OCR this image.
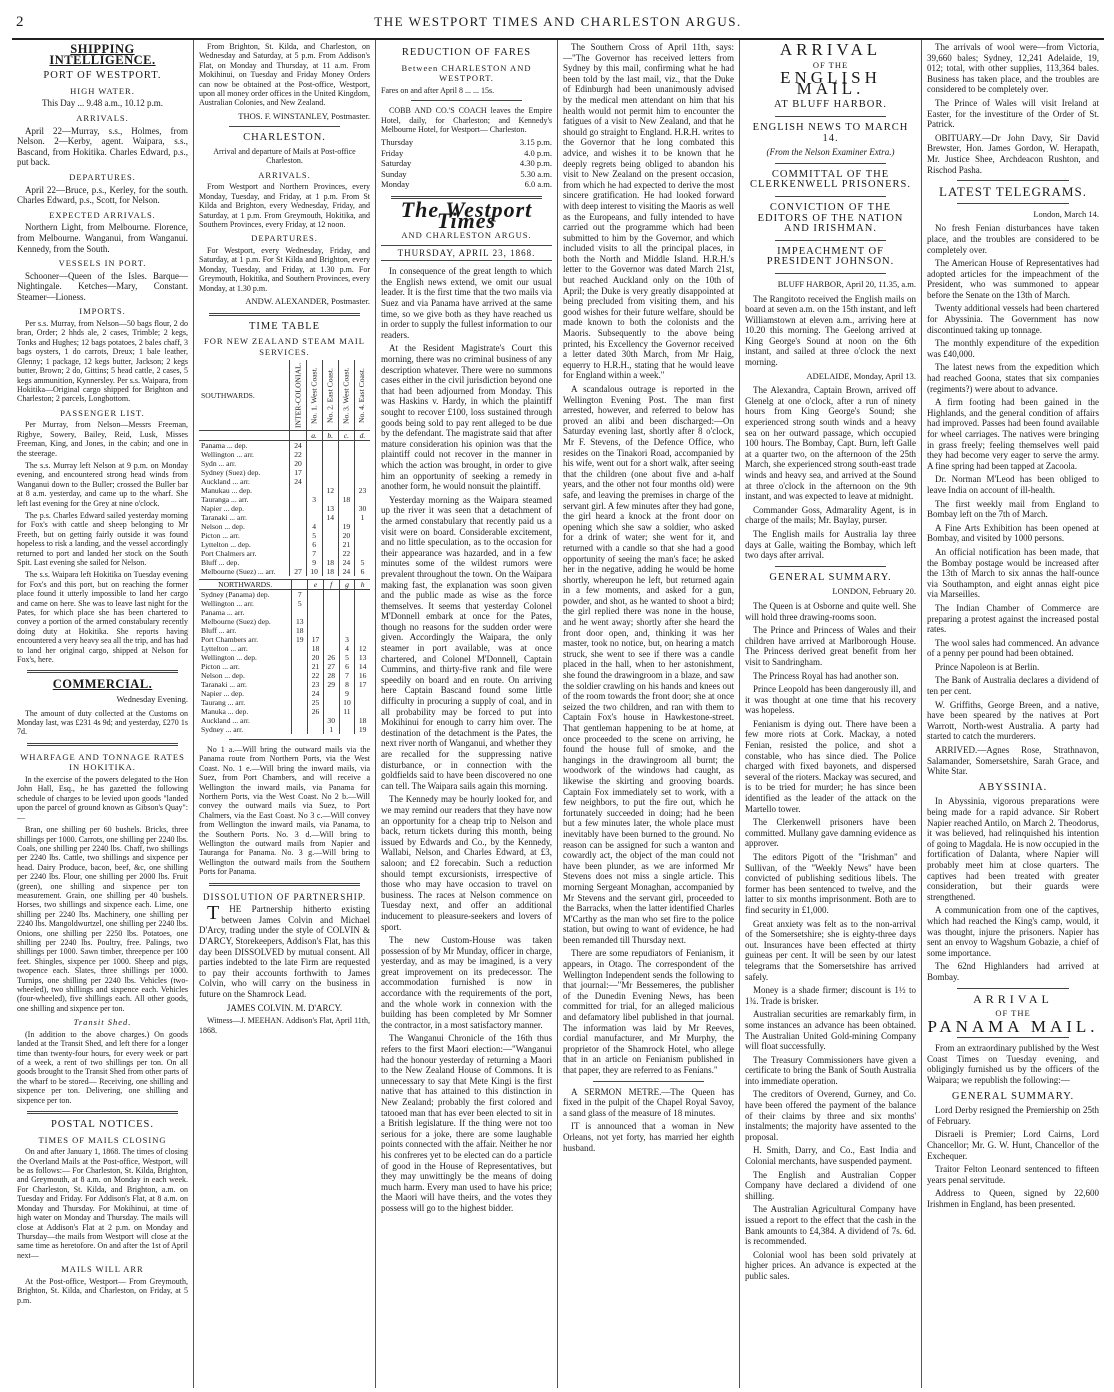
2	THE WESTPORT TIMES AND CHARLESTON ARGUS.
SHIPPING INTELLIGENCE.
PORT OF WESTPORT.
HIGH WATER.

This Day ... 9.48 a.m., 10.12 p.m.

ARRIVALS.

April 22—Murray, s.s., Holmes, from Nelson. 2—Kerby, agent. Waipara, s.s., Bascand, from Hokitika. Charles Edward, p.s., put back.

DEPARTURES.

April 22—Bruce, p.s., Kerley, for the south. Charles Edward, p.s., Scott, for Nelson.

EXPECTED ARRIVALS.

Northern Light, from Melbourne. Florence, from Melbourne. Wanganui, from Wanganui. Kennedy, from the South.

VESSELS IN PORT.

Schooner—Queen of the Isles. Barque—Nightingale. Ketches—Mary, Constant. Steamer—Lioness.

IMPORTS.

Per s.s. Murray, from Nelson—50 bags flour, 2 do bran, Order; 2 hhds ale, 2 cases, Trimble; 2 kegs, Tonks and Hughes; 12 bags potatoes, 2 bales chaff, 3 bags oysters, 1 do carrots, Dreux; 1 bale leather, Glenny; 1 package, 12 kegs butter, Jackson; 2 kegs butter, Brown; 2 do, Gittins; 5 head cattle, 2 cases, 5 kegs ammunition, Kynnersley. Per s.s. Waipara, from Hokitika—Original cargo shipped for Brighton and Charleston; 2 parcels, Longbottom.

PASSENGER LIST.

Per Murray, from Nelson—Messrs Freeman, Rigbye, Sowery, Bailey, Reid, Lusk, Misses Freeman, King, and Jones, in the cabin; and one in the steerage.

The s.s. Murray left Nelson at 9 p.m. on Monday evening, and encountered strong head winds from Wanganui down to the Buller; crossed the Buller bar at 8 a.m. yesterday, and came up to the wharf. She left last evening for the Grey at nine o'clock.

The p.s. Charles Edward sailed yesterday morning for Fox's with cattle and sheep belonging to Mr Freeth, but on getting fairly outside it was found hopeless to risk a landing, and the vessel accordingly returned to port and landed her stock on the South Spit. Last evening she sailed for Nelson.

The s.s. Waipara left Hokitika on Tuesday evening for Fox's and this port, but on reaching the former place found it utterly impossible to land her cargo and came on here. She was to leave last night for the Pates, for which place she has been chartered to convey a portion of the armed constabulary recently doing duty at Hokitika. She reports having encountered a very heavy sea all the trip, and has had to land her original cargo, shipped at Nelson for Fox's, here.

COMMERCIAL.
Wednesday Evening.

The amount of duty collected at the Customs on Monday last, was £231 4s 9d; and yesterday, £270 1s 7d.

WHARFAGE AND TONNAGE RATES IN HOKITIKA.

In the exercise of the powers delegated to the Hon John Hall, Esq., he has gazetted the following schedule of charges to be levied upon goods "landed upon the parcel of ground known as Gibson's Quay":—

Bran, one shilling per 60 bushels. Bricks, three shillings per 1000. Carrots, one shilling per 2240 lbs. Coals, one shilling per 2240 lbs. Chaff, two shillings per 2240 lbs. Cattle, two shillings and sixpence per head. Dairy Produce, bacon, beef, &c, one shilling per 2240 lbs. Flour, one shilling per 2000 lbs. Fruit (green), one shilling and sixpence per ton measurement. Grain, one shilling per 40 bushels. Horses, two shillings and sixpence each. Lime, one shilling per 2240 lbs. Machinery, one shilling per 2240 lbs. Mangoldwurtzel, one shilling per 2240 lbs. Onions, one shilling per 2250 lbs. Potatoes, one shilling per 2240 lbs. Poultry, free. Palings, two shillings per 1000. Sawn timber, threepence per 100 feet. Shingles, sixpence per 1000. Sheep and pigs, twopence each. Slates, three shillings per 1000. Turnips, one shilling per 2240 lbs. Vehicles (two-wheeled), two shillings and sixpence each. Vehicles (four-wheeled), five shillings each. All other goods, one shilling and sixpence per ton.

Transit Shed.

(In addition to the above charges.) On goods landed at the Transit Shed, and left there for a longer time than twenty-four hours, for every week or part of a week, a rent of two shillings per ton. On all goods brought to the Transit Shed from other parts of the wharf to be stored— Receiving, one shilling and sixpence per ton. Delivering, one shilling and sixpence per ton.

POSTAL NOTICES.
TIMES OF MAILS CLOSING

On and after January 1, 1868. The times of closing the Overland Mails at the Post-office, Westport, will be as follows:— For Charleston, St. Kilda, Brighton, and Greymouth, at 8 a.m. on Monday in each week. For Charleston, St. Kilda, and Brighton, a.m. on Tuesday and Friday. For Addison's Flat, at 8 a.m. on Monday and Thursday. For Mokihinui, at time of high water on Monday and Thursday. The mails will close at Addison's Flat at 2 p.m. on Monday and Thursday—the mails from Westport will close at the same time as heretofore. On and after the 1st of April next—

MAILS WILL ARR

At the Post-office, Westport— From Greymouth, Brighton, St. Kilda, and Charleston, on Friday, at 5 p.m.

From Brighton, St. Kilda, and Charleston, on Wednesday and Saturday, at 5 p.m. From Addison's Flat, on Monday and Thursday, at 11 a.m. From Mokihinui, on Tuesday and Friday Money Orders can now be obtained at the Post-office, Westport, upon all money order offices in the United Kingdom, Australian Colonies, and New Zealand.

THOS. F. WINSTANLEY, Postmaster.
CHARLESTON.

Arrival and departure of Mails at Post-office Charleston.

ARRIVALS.

From Westport and Northern Provinces, every Monday, Tuesday, and Friday, at 1 p.m. From St Kilda and Brighton, every Wednesday, Friday, and Saturday, at 1 p.m. From Greymouth, Hokitika, and Southern Provinces, every Friday, at 12 noon.

DEPARTURES.

For Westport, every Wednesday, Friday, and Saturday, at 1 p.m. For St Kilda and Brighton, every Monday, Tuesday, and Friday, at 1.30 p.m. For Greymouth, Hokitika, and Southern Provinces, every Monday, at 1.30 p.m.

ANDW. ALEXANDER, Postmaster.
TIME TABLE
FOR NEW ZEALAND STEAM MAIL SERVICES.
SOUTHWARDS.	INTER-COLONIAL.	No. 1. West Coast.	No. 2. East Coast.	No. 3. West Coast.	No. 4. East Coast.
		a.	b.	c.	d.
Panama ... dep.	24				
Wellington ... arr.	22				
Sydn ... arr.	20				
Sydney (Suez) dep.	17				
Auckland ... arr.	24				
Manukau ... dep.			12		23
Tauranga ... arr.		3		18	
Napier ... dep.			13		30
Taranaki ... arr.			14		1
Nelson ... dep.		4		19	
Picton ... arr.		5		20	
Lyttelton ... dep.		6		21	
Port Chalmers arr.		7		22	
Bluff ... dep.		9	18	24	5
Melbourne (Suez) ... arr.	27	10	18	24	6
NORTHWARDS.		e	f	g	h
Sydney (Panama) dep.	7				
Wellington ... arr.	5				
Panama ... arr.					
Melbourne (Suez) dep.	13				
Bluff ... arr.	18				
Port Chambers arr.	19	17		3	
Lyttelton ... arr.		18		4	12
Wellington ... dep.		20	26	5	13
Picton ... arr.		21	27	6	14
Nelson ... dep.		22	28	7	16
Taranaki ... arr.		23	29	8	17
Napier ... dep.		24		9	
Taurang ... arr.		25		10	
Manuka ... dep.		26		11	
Auckland ... arr.			30		18
Sydney ... arr.			1		19

No 1 a.—Will bring the outward mails via the Panama route from Northern Ports, via the West Coast. No. 1 e.—Will bring the inward mails, via Suez, from Port Chambers, and will receive a Wellington the inward mails, via Panama for Northern Ports, via the West Coast. No 2 b.—Will convey the outward mails via Suez, to Port Chalmers, via the East Coast. No 3 c.—Will convey from Wellington the inward mails, via Panama, to the Southern Ports. No. 3 d.—Will bring to Wellington the outward mails from Napier and Tauranga for Panama. No. 3 g.—Will bring to Wellington the outward mails from the Southern Ports for Panama.

DISSOLUTION OF PARTNERSHIP.

THE Partnership hitherto existing between James Colvin and Michael D'Arcy, trading under the style of COLVIN & D'ARCY, Storekeepers, Addison's Flat, has this day been DISSOLVED by mutual consent. All parties indebted to the late Firm are requested to pay their accounts forthwith to James Colvin, who will carry on the business in future on the Shamrock Lead.

JAMES COLVIN. M. D'ARCY.

Witness—J. MEEHAN. Addison's Flat, April 11th, 1868.

REDUCTION OF FARES
Between CHARLESTON AND WESTPORT.

Fares on and after April 8 ... ... 15s.

COBB AND CO.'S COACH leaves the Empire Hotel, daily, for Charleston; and Kennedy's Melbourne Hotel, for Westport— Charleston.

Thursday	3.15 p.m.
Friday	4.0 p.m.
Saturday	4.30 p.m.
Sunday	5.30 a.m.
Monday	6.0 a.m.
The Westport Times
AND CHARLESTON ARGUS.
THURSDAY, APRIL 23, 1868.

In consequence of the great length to which the English news extend, we omit our usual leader. It is the first time that the two mails via Suez and via Panama have arrived at the same time, so we give both as they have reached us in order to supply the fullest information to our readers.

At the Resident Magistrate's Court this morning, there was no criminal business of any description whatever. There were no summons cases either in the civil jurisdiction beyond one that had been adjourned from Monday. This was Haskins v. Hardy, in which the plaintiff sought to recover £100, loss sustained through goods being sold to pay rent alleged to be due by the defendant. The magistrate said that after mature consideration his opinion was that the plaintiff could not recover in the manner in which the action was brought, in order to give him an opportunity of seeking a remedy in another form, he would nonsuit the plaintiff.

Yesterday morning as the Waipara steamed up the river it was seen that a detachment of the armed constabulary that recently paid us a visit were on board. Considerable excitement, and no little speculation, as to the occasion for their appearance was hazarded, and in a few minutes some of the wildest rumors were prevalent throughout the town. On the Waipara making fast, the explanation was soon given and the public made as wise as the force themselves. It seems that yesterday Colonel M'Donnell embark at once for the Pates, though no reasons for the sudden order were given. Accordingly the Waipara, the only steamer in port available, was at once chartered, and Colonel M'Donnell, Captain Cummins, and thirty-five rank and file were speedily on board and en route. On arriving here Captain Bascand found some little difficulty in procuring a supply of coal, and in all probability may be forced to put into Mokihinui for enough to carry him over. The destination of the detachment is the Pates, the next river north of Wanganui, and whether they are recalled for the suppressing native disturbance, or in connection with the goldfields said to have been discovered no one can tell. The Waipara sails again this morning.

The Kennedy may be hourly looked for, and we may remind our readers that they have now an opportunity for a cheap trip to Nelson and back, return tickets during this month, being issued by Edwards and Co., by the Kennedy, Wallabi, Nelson, and Charles Edward, at £3, saloon; and £2 forecabin. Such a reduction should tempt excursionists, irrespective of those who may have occasion to travel on business. The races at Nelson commence on Tuesday next, and offer an additional inducement to pleasure-seekers and lovers of sport.

The new Custom-House was taken possession of by Mr Munday, officer in charge, yesterday, and as may be imagined, is a very great improvement on its predecessor. The accommodation furnished is now in accordance with the requirements of the port, and the whole work in connexion with the building has been completed by Mr Somner the contractor, in a most satisfactory manner.

The Wanganui Chronicle of the 16th thus refers to the first Maori election:—"Wanganui had the honour yesterday of returning a Maori to the New Zealand House of Commons. It is unnecessary to say that Mete Kingi is the first native that has attained to this distinction in New Zealand; probably the first colored and tatooed man that has ever been elected to sit in a British legislature. If the thing were not too serious for a joke, there are some laughable points connected with the affair. Neither he nor his confreres yet to be elected can do a particle of good in the House of Representatives, but they may unwittingly be the means of doing much harm. Every man used to have his price; the Maori will have theirs, and the votes they possess will go to the highest bidder.

The Southern Cross of April 11th, says:—"The Governor has received letters from Sydney by this mail, confirming what he had been told by the last mail, viz., that the Duke of Edinburgh had been unanimously advised by the medical men attendant on him that his health would not permit him to encounter the fatigues of a visit to New Zealand, and that he should go straight to England. H.R.H. writes to the Governor that he long combated this advice, and wishes it to be known that he deeply regrets being obliged to abandon his visit to New Zealand on the present occasion, from which he had expected to derive the most sincere gratification. He had looked forward with deep interest to visiting the Maoris as well as the Europeans, and fully intended to have carried out the programme which had been submitted to him by the Governor, and which included visits to all the principal places, in both the North and Middle Island. H.R.H.'s letter to the Governor was dated March 21st, but reached Auckland only on the 10th of April; the Duke is very greatly disappointed at being precluded from visiting them, and his good wishes for their future welfare, should be made known to both the colonists and the Maoris. Subsequently to the above being printed, his Excellency the Governor received a letter dated 30th March, from Mr Haig, equerry to H.R.H., stating that he would leave for England within a week."

A scandalous outrage is reported in the Wellington Evening Post. The man first arrested, however, and referred to below has proved an alibi and been discharged:—On Saturday evening last, shortly after 8 o'clock, Mr F. Stevens, of the Defence Office, who resides on the Tinakori Road, accompanied by his wife, went out for a short walk, after seeing that the children (one about five and a-half years, and the other not four months old) were safe, and leaving the premises in charge of the servant girl. A few minutes after they had gone, the girl heard a knock at the front door on opening which she saw a soldier, who asked for a drink of water; she went for it, and returned with a candle so that she had a good opportunity of seeing the man's face; he asked her in the negative, adding he would be home shortly, whereupon he left, but returned again in a few moments, and asked for a gun, powder, and shot, as he wanted to shoot a bird; the girl replied there was none in the house, and he went away; shortly after she heard the front door open, and, thinking it was her master, took no notice, but, on hearing a match struck, she went to see if there was a candle placed in the hall, when to her astonishment, she found the drawingroom in a blaze, and saw the soldier crawling on his hands and knees out of the room towards the front door; she at once seized the two children, and ran with them to Captain Fox's house in Hawkestone-street. That gentleman happening to be at home, at once proceeded to the scene on arriving, he found the house full of smoke, and the hangings in the drawingroom all burnt; the woodwork of the windows had caught, as likewise the skirting and grooving boards. Captain Fox immediately set to work, with a few neighbors, to put the fire out, which he fortunately succeeded in doing; had he been but a few minutes later, the whole place must inevitably have been burned to the ground. No reason can be assigned for such a wanton and cowardly act, the object of the man could not have been plunder, as we are informed Mr Stevens does not miss a single article. This morning Sergeant Monaghan, accompanied by Mr Stevens and the servant girl, proceeded to the Barracks, when the latter identified Charles M'Carthy as the man who set fire to the police station, but owing to want of evidence, he had been remanded till Thursday next.

There are some repudiators of Fenianism, it appears, in Otago. The correspondent of the Wellington Independent sends the following to that journal:—"Mr Bessemeres, the publisher of the Dunedin Evening News, has been committed for trial, for an alleged malicious and defamatory libel published in that journal. The information was laid by Mr Reeves, cordial manufacturer, and Mr Murphy, the proprietor of the Shamrock Hotel, who allege that in an article on Fenianism published in that paper, they are referred to as Fenians."

A SERMON METRE.—The Queen has fixed in the pulpit of the Chapel Royal Savoy, a sand glass of the measure of 18 minutes.

IT is announced that a woman in New Orleans, not yet forty, has married her eighth husband.

ARRIVAL
OF THE
ENGLISH MAIL.
AT BLUFF HARBOR.
ENGLISH NEWS TO MARCH 14.
(From the Nelson Examiner Extra.)
COMMITTAL OF THE CLERKENWELL PRISONERS.
CONVICTION OF THE EDITORS OF THE NATION AND IRISHMAN.
IMPEACHMENT OF PRESIDENT JOHNSON.
BLUFF HARBOR, April 20, 11.35, a.m.

The Rangitoto received the English mails on board at seven a.m. on the 15th instant, and left Williamstown at eleven a.m., arriving here at 10.20 this morning. The Geelong arrived at King George's Sound at noon on the 6th instant, and sailed at three o'clock the next morning.

ADELAIDE, Monday, April 13.

The Alexandra, Captain Brown, arrived off Glenelg at one o'clock, after a run of ninety hours from King George's Sound; she experienced strong south winds and a heavy sea on her outward passage, which occupied 100 hours. The Bombay, Capt. Burn, left Galle at a quarter two, on the afternoon of the 25th March, she experienced strong south-east trade winds and heavy sea, and arrived at the Sound at three o'clock in the afternoon on the 9th instant, and was expected to leave at midnight.

Commander Goss, Admarality Agent, is in charge of the mails; Mr. Baylay, purser.

The English mails for Australia lay three days at Galle, waiting the Bombay, which left two days after arrival.

GENERAL SUMMARY.
LONDON, February 20.

The Queen is at Osborne and quite well. She will hold three drawing-rooms soon.

The Prince and Princess of Wales and their children have arrived at Marlborough House. The Princess derived great benefit from her visit to Sandringham.

The Princess Royal has had another son.

Prince Leopold has been dangerously ill, and it was thought at one time that his recovery was hopeless.

Fenianism is dying out. There have been a few more riots at Cork. Mackay, a noted Fenian, resisted the police, and shot a constable, who has since died. The Police charged with fixed bayonets, and dispersed several of the rioters. Mackay was secured, and is to be tried for murder; he has since been identified as the leader of the attack on the Martello tower.

The Clerkenwell prisoners have been committed. Mullany gave damning evidence as approver.

The editors Pigott of the "Irishman" and Sullivan, of the "Weekly News" have been convicted of publishing seditious libels. The former has been sentenced to twelve, and the latter to six months imprisonment. Both are to find security in £1,000.

Great anxiety was felt as to the non-arrival of the Somersetshire; she is eighty-three days out. Insurances have been effected at thirty guineas per cent. It will be seen by our latest telegrams that the Somersetshire has arrived safely.

Money is a shade firmer; discount is 1½ to 1¾. Trade is brisker.

Australian securities are remarkably firm, in some instances an advance has been obtained. The Australian United Gold-mining Company will float successfully.

The Treasury Commissioners have given a certificate to bring the Bank of South Australia into immediate operation.

The creditors of Overend, Gurney, and Co. have been offered the payment of the balance of their claims by three and six months' instalments; the majority have assented to the proposal.

H. Smith, Darry, and Co., East India and Colonial merchants, have suspended payment.

The English and Australian Copper Company have declared a dividend of one shilling.

The Australian Agricultural Company have issued a report to the effect that the cash in the Bank amounts to £4,384. A dividend of 7s. 6d. is recommended.

Colonial wool has been sold privately at higher prices. An advance is expected at the public sales.

The arrivals of wool were—from Victoria, 39,660 bales; Sydney, 12,241 Adelaide, 19, 012; total, with other supplies, 113,364 bales. Business has taken place, and the troubles are considered to be completely over.

The Prince of Wales will visit Ireland at Easter, for the investiture of the Order of St. Patrick.

OBITUARY.—Dr John Davy, Sir David Brewster, Hon. James Gordon, W. Herapath, Mr. Justice Shee, Archdeacon Rushton, and Rischod Pasha.

LATEST TELEGRAMS.
London, March 14.

No fresh Fenian disturbances have taken place, and the troubles are considered to be completely over.

The American House of Representatives had adopted articles for the impeachment of the President, who was summoned to appear before the Senate on the 13th of March.

Twenty additional vessels had been chartered for Abyssinia. The Government has now discontinued taking up tonnage.

The monthly expenditure of the expedition was £40,000.

The latest news from the expedition which had reached Goona, states that six companies (regiments?) were about to advance.

A firm footing had been gained in the Highlands, and the general condition of affairs had improved. Passes had been found available for wheel carriages. The natives were bringing in grass freely; feeling themselves well paid they had become very eager to serve the army. A fine spring had been tapped at Zacoola.

Dr. Norman M'Leod has been obliged to leave India on account of ill-health.

The first weekly mail from England to Bombay left on the 7th of March.

A Fine Arts Exhibition has been opened at Bombay, and visited by 1000 persons.

An official notification has been made, that the Bombay postage would be increased after the 13th of March to six annas the half-ounce via Southampton, and eight annas eight pice via Marseilles.

The Indian Chamber of Commerce are preparing a protest against the increased postal rates.

The wool sales had commenced. An advance of a penny per pound had been obtained.

Prince Napoleon is at Berlin.

The Bank of Australia declares a dividend of ten per cent.

W. Griffiths, George Breen, and a native, have been speared by the natives at Port Warrott, North-west Australia. A party had started to catch the murderers.

ARRIVED.—Agnes Rose, Strathnavon, Salamander, Somersetshire, Sarah Grace, and White Star.

ABYSSINIA.

In Abyssinia, vigorous preparations were being made for a rapid advance. Sir Robert Napier reached Antilo, on March 2. Theodorus, it was believed, had relinquished his intention of going to Magdala. He is now occupied in the fortification of Dalanta, where Napier will probably meet him at close quarters. The captives had been treated with greater consideration, but their guards were strengthened.

A communication from one of the captives, which had reached the King's camp, would, it was thought, injure the prisoners. Napier has sent an envoy to Wagshum Gobazie, a chief of some importance.

The 62nd Highlanders had arrived at Bombay.

ARRIVAL
OF THE
PANAMA MAIL.

From an extraordinary published by the West Coast Times on Tuesday evening, and obligingly furnished us by the officers of the Waipara; we republish the following:—

GENERAL SUMMARY.

Lord Derby resigned the Premiership on 25th of February.

Disraeli is Premier; Lord Cairns, Lord Chancellor; Mr. G. W. Hunt, Chancellor of the Exchequer.

Traitor Felton Leonard sentenced to fifteen years penal servitude.

Address to Queen, signed by 22,600 Irishmen in England, has been presented.
